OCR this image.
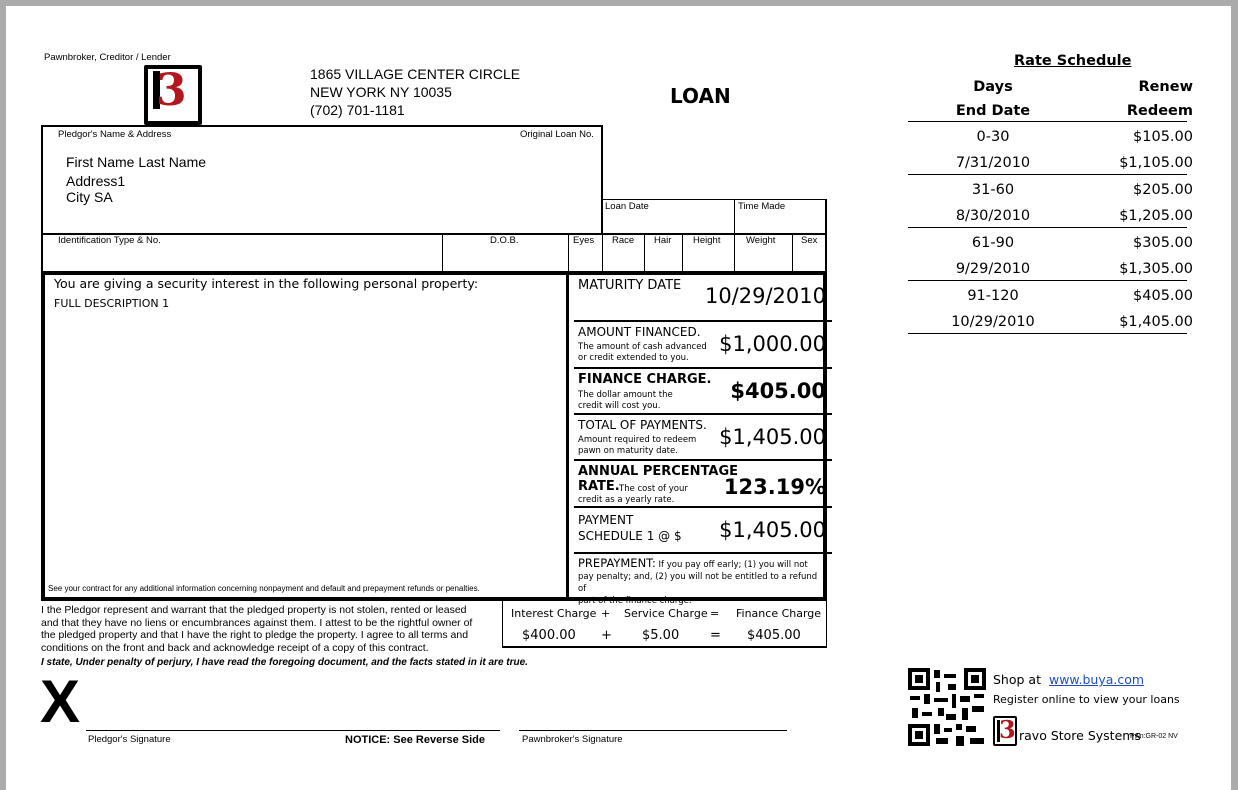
Pawnbroker, Creditor / Lender
3	1865 VILLAGE CENTER CIRCLE
NEW YORK NY 10035
(702) 701-1181
LOAN
Pledgor's Name & Address	Original Loan No.
First Name Last Name
Address1
City SA
Loan Date	Time Made
Identification Type & No.	D.O.B.	Eyes Race Hair Height	Weight	Sex
You are giving a security interest in the following personal property:
FULL DESCRIPTION 1
See your contract for any additional information concerning nonpayment and default and prepayment refunds or penalties.
MATURITY DATE 10/29/2010
AMOUNT FINANCED.
The amount of cash advanced
or credit extended to you.
$1,000.00
FINANCE CHARGE.
The dollar amount the
credit will cost you.
$405.00
TOTAL OF PAYMENTS.
Amount required to redeem
pawn on maturity date.
$1,405.00
ANNUAL PERCENTAGE
RATE. The cost of your
credit as a yearly rate.
123.19%
PAYMENT
SCHEDULE 1 @ $ $1,405.00
PREPAYMENT: If you pay off early; (1) you will not
pay penalty; and, (2) you will not be entitled to a refund of
part of the finance charge.
Interest Charge + Service Charge = Finance Charge
$400.00 + $5.00 = $405.00
I the Pledgor represent and warrant that the pledged property is not stolen, rented or leased
and that they have no liens or encumbrances against them. I attest to be the rightful owner of
the pledged property and that I have the right to pledge the property. I agree to all terms and
conditions on the front and back and acknowledge receipt of a copy of this contract.
I state, Under penalty of perjury, I have read the foregoing document, and the facts stated in it are true.
X
Pledgor's Signature	NOTICE: See Reverse Side	Pawnbroker's Signature
Rate Schedule
Days	Renew
End Date	Redeem
0-30	$105.00
7/31/2010	$1,105.00
31-60	$205.00
8/30/2010	$1,205.00
61-90	$305.00
9/29/2010	$1,305.00
91-120	$405.00
10/29/2010	$1,405.00
Shop at www.buya.com
Register online to view your loans
3 ravo Store Systems
Pwn:GR-02 NV
